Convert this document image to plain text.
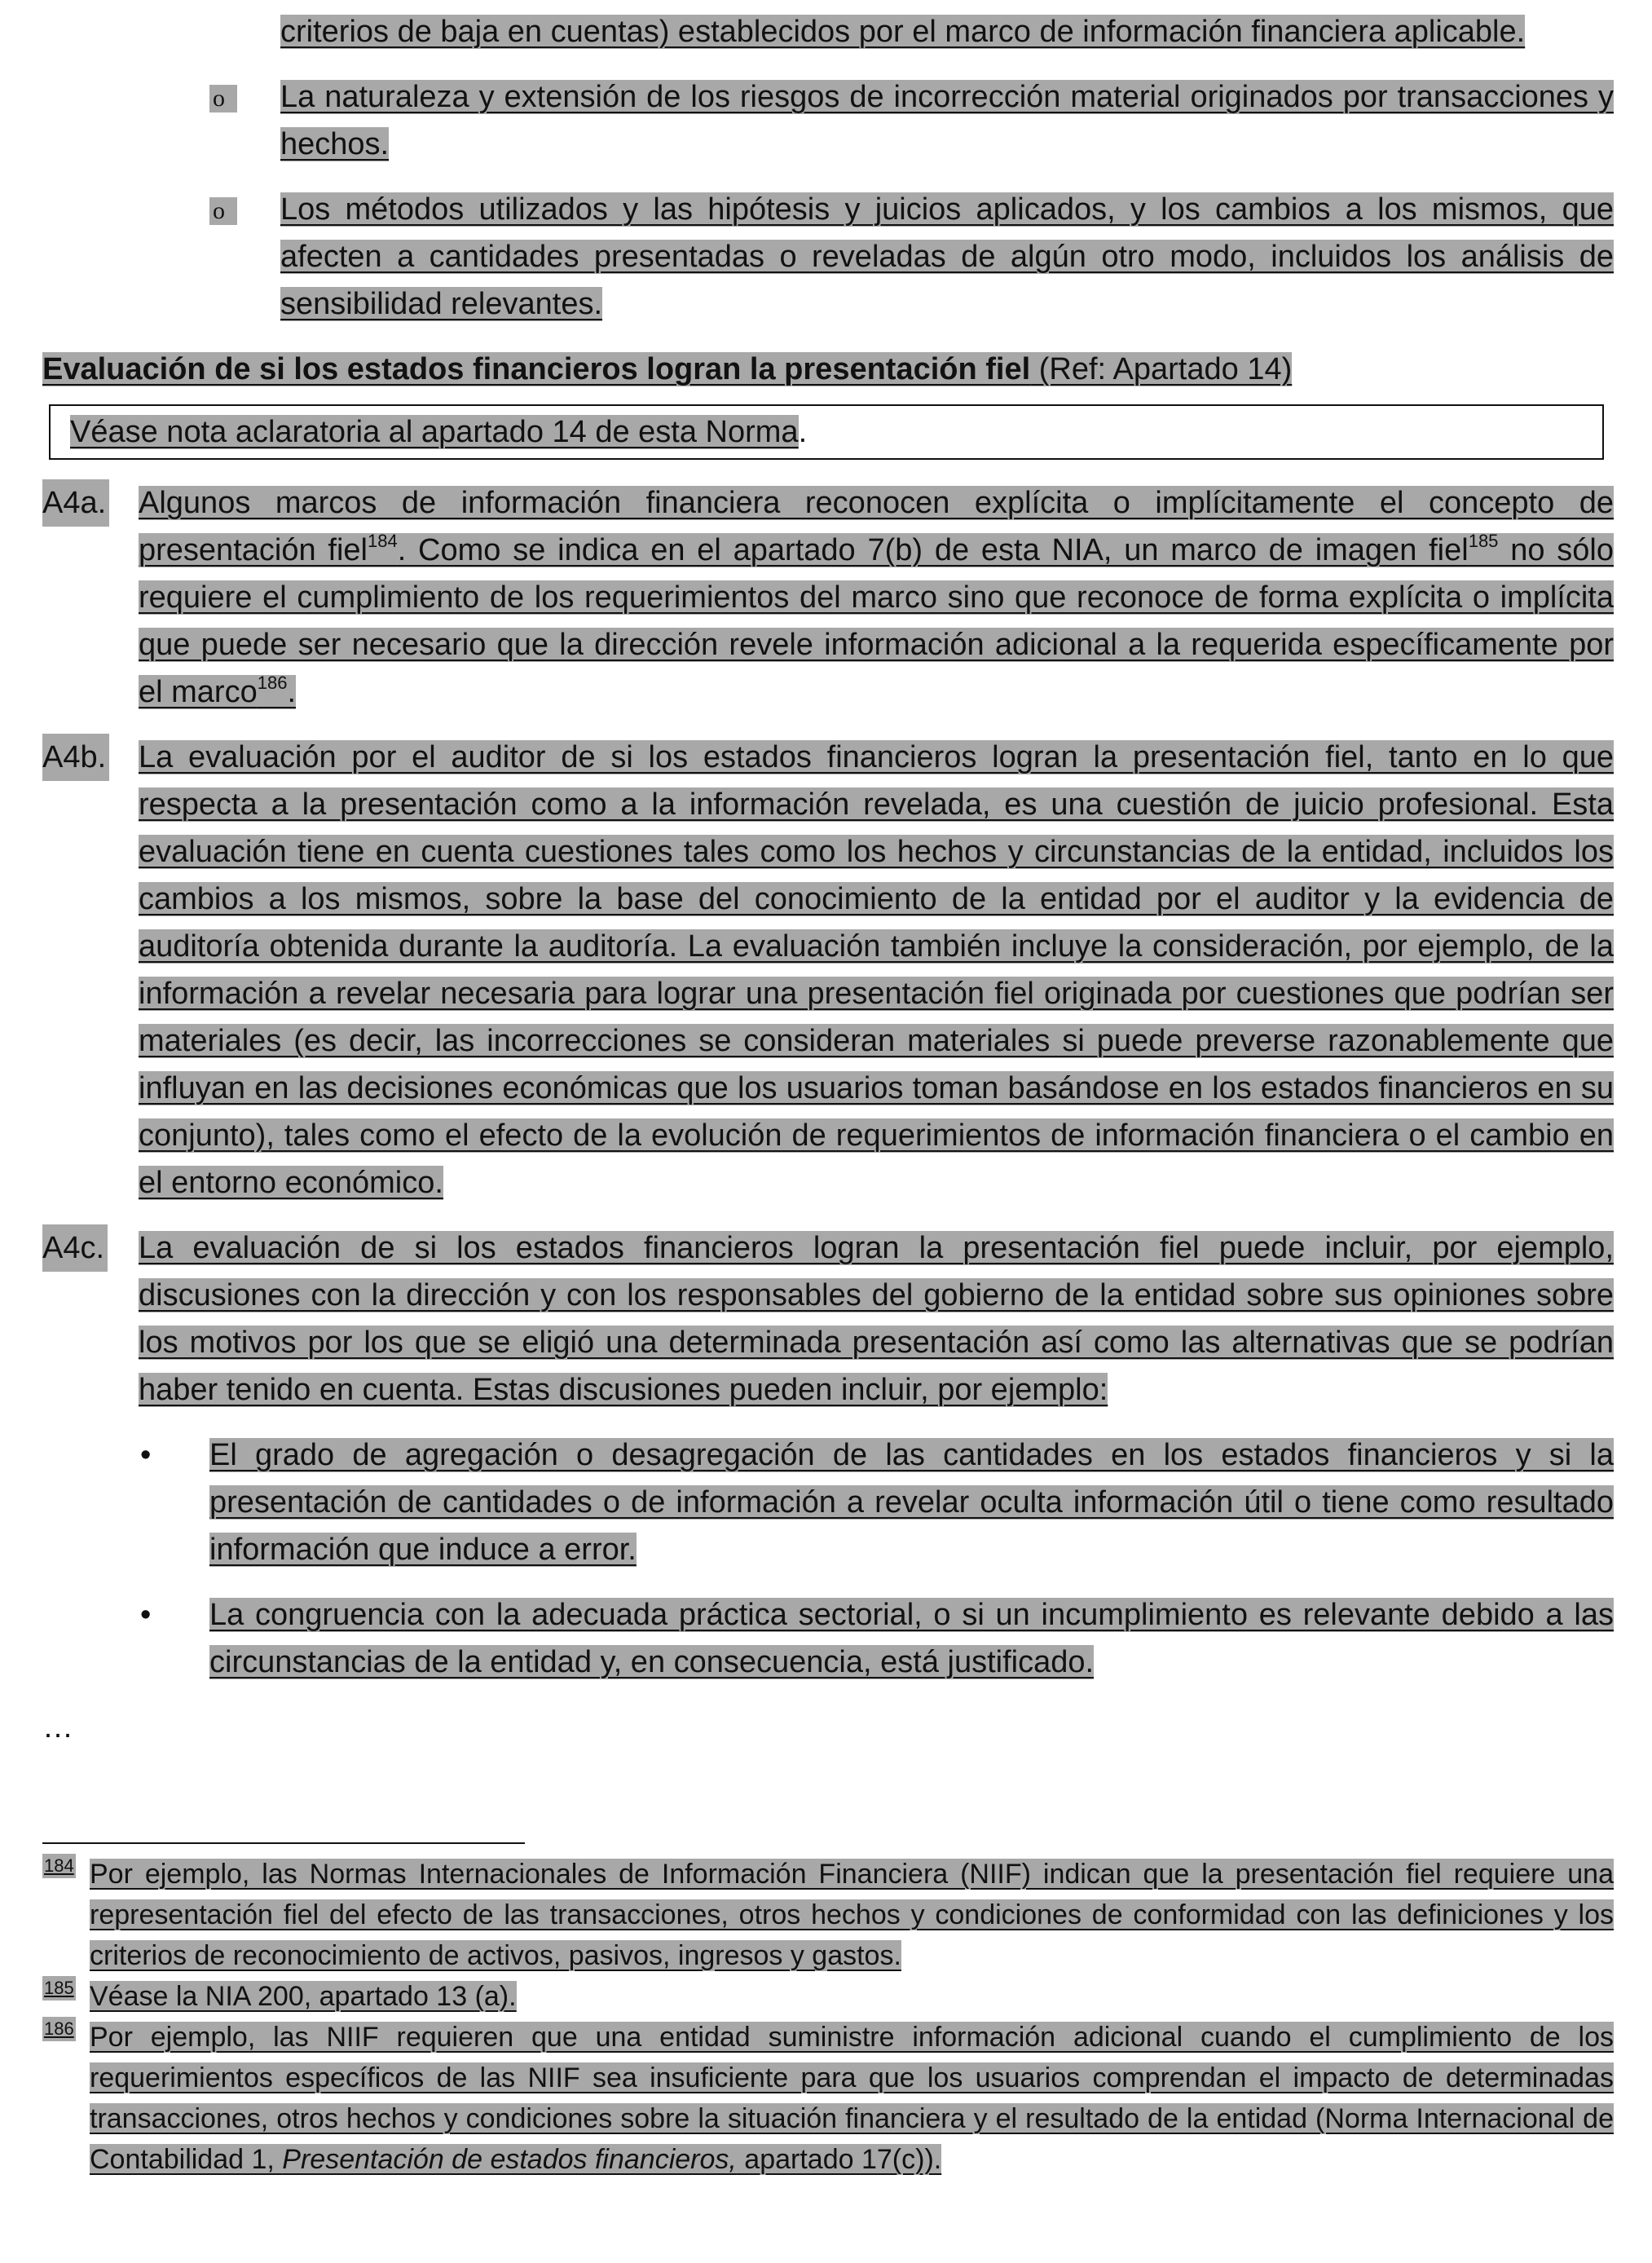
criterios de baja en cuentas) establecidos por el marco de información financiera aplicable.
o	La naturaleza y extensión de los riesgos de incorrección material originados por transacciones y hechos.
o	Los métodos utilizados y las hipótesis y juicios aplicados, y los cambios a los mismos, que afecten a cantidades presentadas o reveladas de algún otro modo, incluidos los análisis de sensibilidad relevantes.
Evaluación de si los estados financieros logran la presentación fiel (Ref: Apartado 14)
Véase nota aclaratoria al apartado 14 de esta Norma.
A4a. Algunos marcos de información financiera reconocen explícita o implícitamente el concepto de presentación fiel$^{184}$. Como se indica en el apartado 7(b) de esta NIA, un marco de imagen fiel$^{185}$ no sólo requiere el cumplimiento de los requerimientos del marco sino que reconoce de forma explícita o implícita que puede ser necesario que la dirección revele información adicional a la requerida específicamente por el marco$^{186}$.
A4b. La evaluación por el auditor de si los estados financieros logran la presentación fiel, tanto en lo que respecta a la presentación como a la información revelada, es una cuestión de juicio profesional. Esta evaluación tiene en cuenta cuestiones tales como los hechos y circunstancias de la entidad, incluidos los cambios a los mismos, sobre la base del conocimiento de la entidad por el auditor y la evidencia de auditoría obtenida durante la auditoría. La evaluación también incluye la consideración, por ejemplo, de la información a revelar necesaria para lograr una presentación fiel originada por cuestiones que podrían ser materiales (es decir, las incorrecciones se consideran materiales si puede preverse razonablemente que influyan en las decisiones económicas que los usuarios toman basándose en los estados financieros en su conjunto), tales como el efecto de la evolución de requerimientos de información financiera o el cambio en el entorno económico.
A4c. La evaluación de si los estados financieros logran la presentación fiel puede incluir, por ejemplo, discusiones con la dirección y con los responsables del gobierno de la entidad sobre sus opiniones sobre los motivos por los que se eligió una determinada presentación así como las alternativas que se podrían haber tenido en cuenta. Estas discusiones pueden incluir, por ejemplo:
• El grado de agregación o desagregación de las cantidades en los estados financieros y si la presentación de cantidades o de información a revelar oculta información útil o tiene como resultado información que induce a error.
• La congruencia con la adecuada práctica sectorial, o si un incumplimiento es relevante debido a las circunstancias de la entidad y, en consecuencia, está justificado.
…
184 Por ejemplo, las Normas Internacionales de Información Financiera (NIIF) indican que la presentación fiel requiere una representación fiel del efecto de las transacciones, otros hechos y condiciones de conformidad con las definiciones y los criterios de reconocimiento de activos, pasivos, ingresos y gastos.
185 Véase la NIA 200, apartado 13 (a).
186 Por ejemplo, las NIIF requieren que una entidad suministre información adicional cuando el cumplimiento de los requerimientos específicos de las NIIF sea insuficiente para que los usuarios comprendan el impacto de determinadas transacciones, otros hechos y condiciones sobre la situación financiera y el resultado de la entidad (Norma Internacional de Contabilidad 1, Presentación de estados financieros, apartado 17(c)).
